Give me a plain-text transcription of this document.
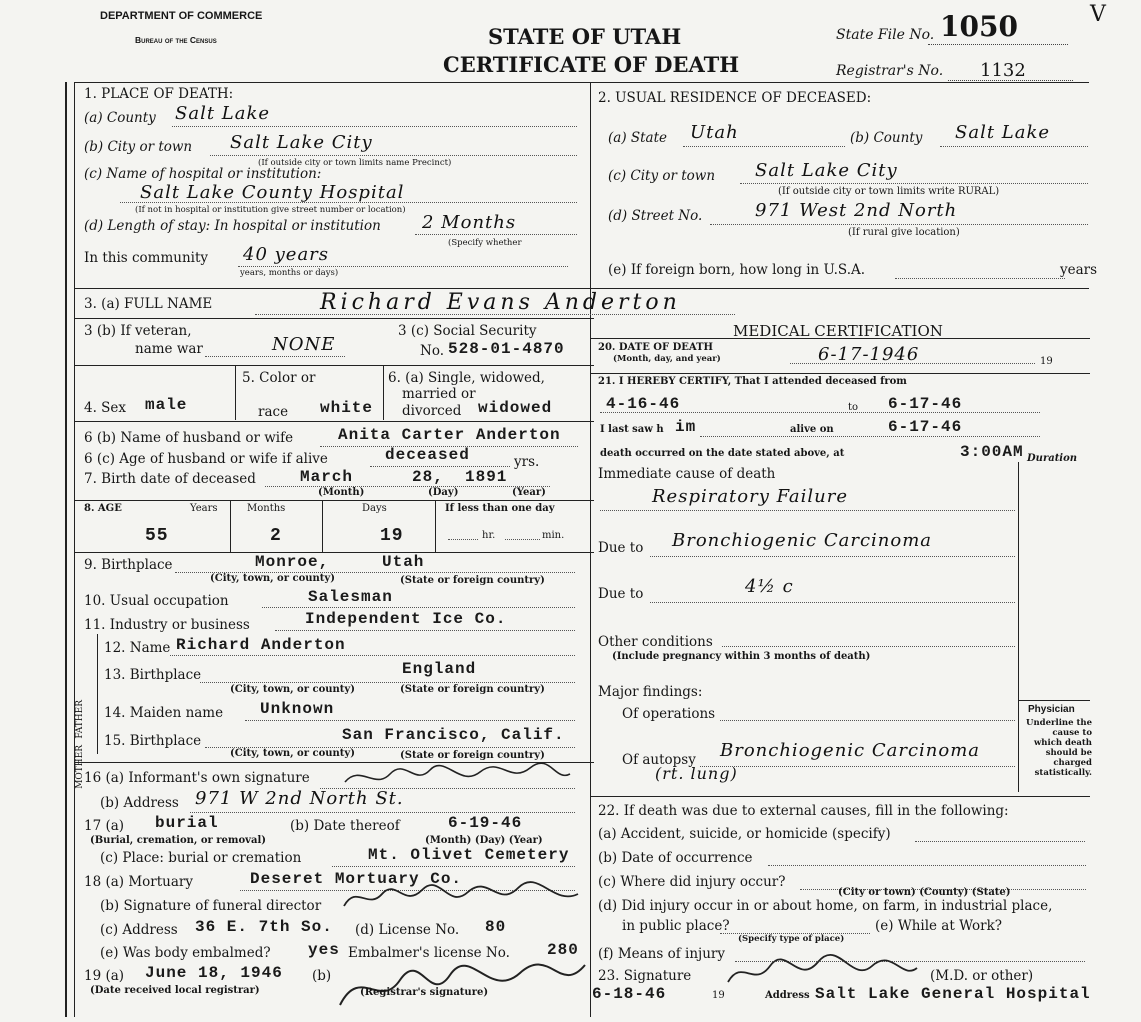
DEPARTMENT OF COMMERCE
Bureau of the Census	STATE OF UTAH
CERTIFICATE OF DEATH
State File No. 1050
Registrar's No. 1132
V
1. PLACE OF DEATH:
(a) County Salt Lake
(b) City or town Salt Lake City
(If outside city or town limits name Precinct)
(c) Name of hospital or institution:
Salt Lake County Hospital
(If not in hospital or institution give street number or location)
(d) Length of stay: In hospital or institution 2 Months
(Specify whether
In this community 40 years
years, months or days)
2. USUAL RESIDENCE OF DECEASED:
(a) State Utah	(b) County Salt Lake
(c) City or town Salt Lake City
(If outside city or town limits write RURAL)
(d) Street No.	971 West 2nd North
(If rural give location)
(e) If foreign born, how long in U.S.A.	years
3. (a) FULL NAME	Richard Evans Anderton
3 (b) If veteran,
name war	NONE
3 (c) Social Security
No. 528-01-4870
4. Sex male
5. Color or
race white
6. (a) Single, widowed,
married or
divorced widowed
6 (b) Name of husband or wife	Anita Carter Anderton
6 (c) Age of husband or wife if alive	deceased	yrs.
7. Birth date of deceased	March	28, 1891
(Month)	(Day)	(Year)
8. AGE	Years	Months	Days	If less than one day
55	2	19	hr.	min.
9. Birthplace	Monroe,	Utah
(City, town, or county)	(State or foreign country)
10. Usual occupation	Salesman
11. Industry or business	Independent Ice Co.
FATHER
MOTHER
12. Name Richard Anderton
13. Birthplace	England
(City, town, or county)	(State or foreign country)
14. Maiden name Unknown
15. Birthplace	San Francisco, Calif.
(City, town, or county)	(State or foreign country)
16 (a) Informant's own signature
(b) Address 971 W 2nd North St.
17 (a) burial
(Burial, cremation, or removal)
(b) Date thereof	6-19-46
(Month) (Day) (Year)
(c) Place: burial or cremation	Mt. Olivet Cemetery
18 (a) Mortuary	Deseret Mortuary Co.
(b) Signature of funeral director
(c) Address 36 E. 7th So. (d) License No. 80
(e) Was body embalmed? yes Embalmer's license No. 280
19 (a) June 18, 1946
(Date received local registrar)
(b)
(Registrar's signature)
MEDICAL CERTIFICATION
20. DATE OF DEATH
(Month, day, and year)	6-17-1946	19
21. I HEREBY CERTIFY, That I attended deceased from
4-16-46	to 6-17-46
I last saw h im	alive on	6-17-46
death occurred on the date stated above, at	3:00AM Duration
Immediate cause of death
Respiratory Failure
Due to Bronchiogenic Carcinoma
Due to	4½ c
Other conditions
(Include pregnancy within 3 months of death)
Major findings:
Of operations
Of autopsy Bronchiogenic Carcinoma
(rt. lung)
Physician
Underline the cause to which death should be charged statistically.
22. If death was due to external causes, fill in the following:
(a) Accident, suicide, or homicide (specify)
(b) Date of occurrence
(c) Where did injury occur?
(City or town) (County) (State)
(d) Did injury occur in or about home, on farm, in industrial place,
in public place?
(Specify type of place)
(e) While at Work?
(f) Means of injury
23. Signature	(M.D. or other)
6-18-46	19	Address Salt Lake General Hospital
